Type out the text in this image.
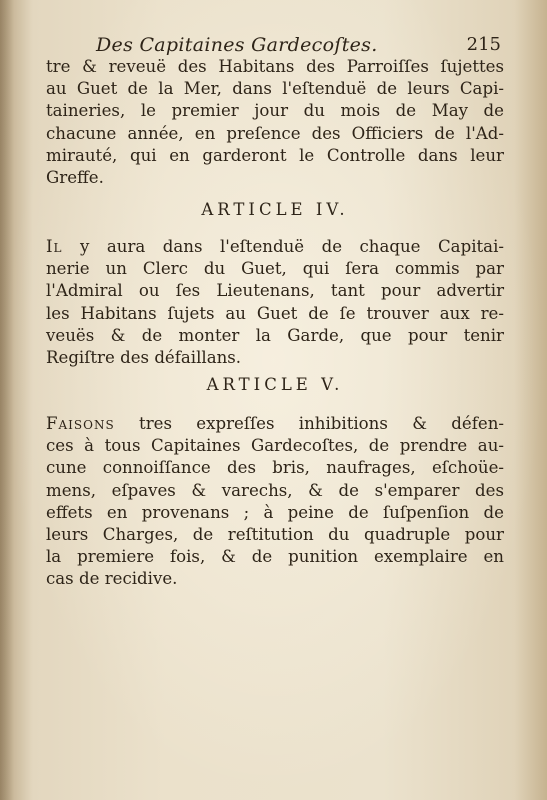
Des Capitaines Gardecoſtes.	215
tre & reveuë des Habitans des Parroiſſes ſujettes
au Guet de la Mer, dans l'eſtenduë de leurs Capi-
taineries, le premier jour du mois de May de
chacune année, en preſence des Officiers de l'Ad-
mirauté, qui en garderont le Controlle dans leur
Greffe.
ARTICLE IV.
Il y aura dans l'eſtenduë de chaque Capitai-
nerie un Clerc du Guet, qui ſera commis par
l'Admiral ou ſes Lieutenans, tant pour advertir
les Habitans ſujets au Guet de ſe trouver aux re-
veuës & de monter la Garde, que pour tenir
Regiſtre des défaillans.
ARTICLE V.
Faisons tres expreſſes inhibitions & défen-
ces à tous Capitaines Gardecoſtes, de prendre au-
cune connoiſſance des bris, naufrages, eſchoüe-
mens, eſpaves & varechs, & de s'emparer des
effets en provenans ; à peine de ſuſpenſion de
leurs Charges, de reſtitution du quadruple pour
la premiere fois, & de punition exemplaire en
cas de recidive.
